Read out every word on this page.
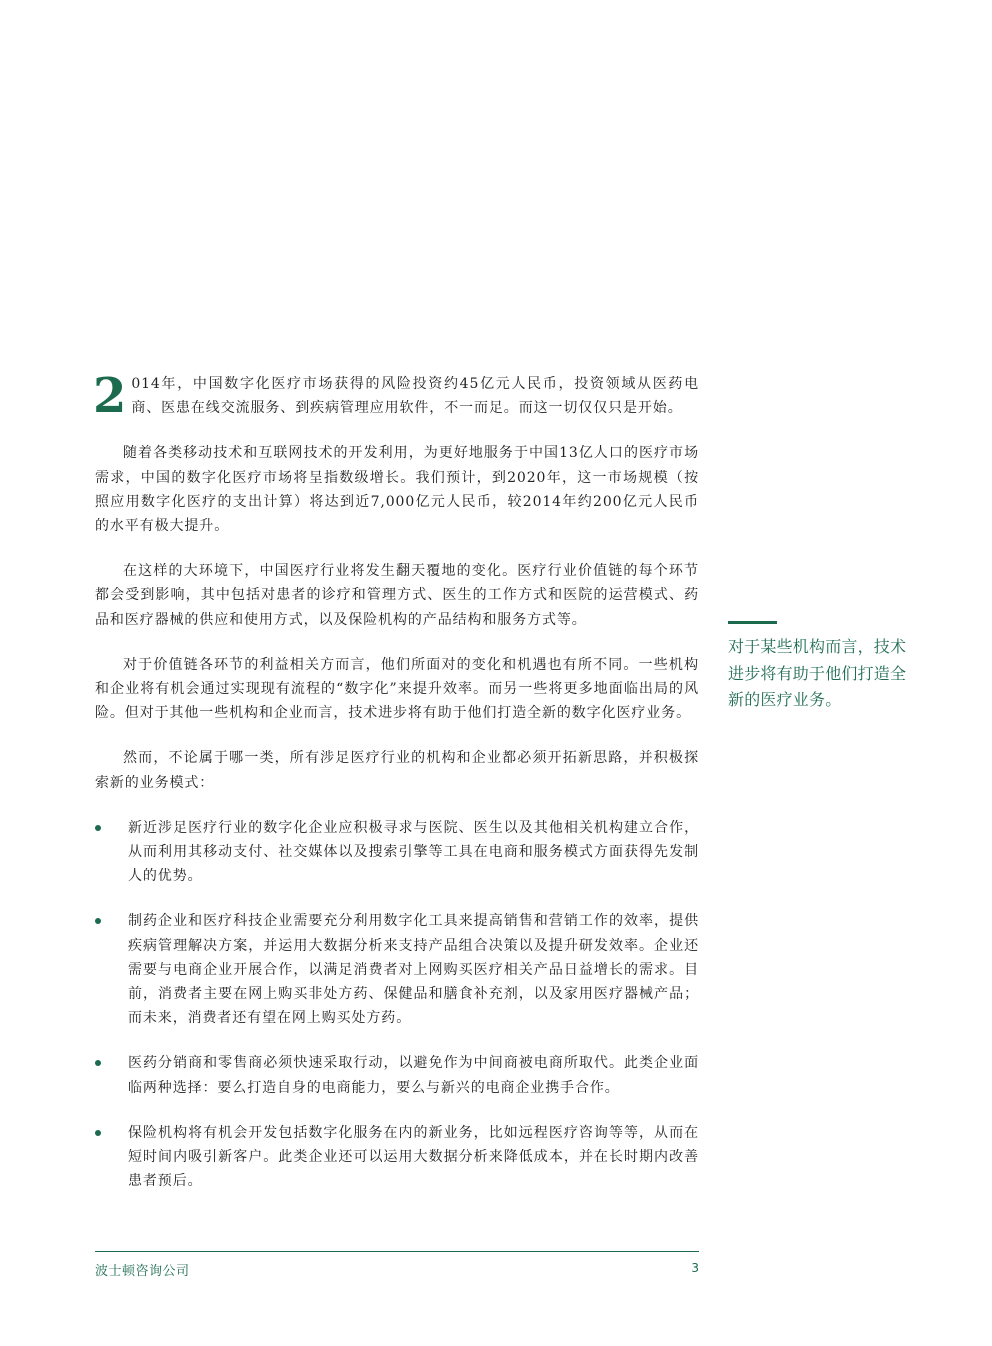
2 014年，中国数字化医疗市场获得的风险投资约45亿元人民币，投资领域从医药电商、医患在线交流服务、到疾病管理应用软件，不一而足。而这一切仅仅只是开始。

随着各类移动技术和互联网技术的开发利用，为更好地服务于中国13亿人口的医疗市场需求，中国的数字化医疗市场将呈指数级增长。我们预计，到2020年，这一市场规模（按照应用数字化医疗的支出计算）将达到近7,000亿元人民币，较2014年约200亿元人民币的水平有极大提升。

在这样的大环境下，中国医疗行业将发生翻天覆地的变化。医疗行业价值链的每个环节都会受到影响，其中包括对患者的诊疗和管理方式、医生的工作方式和医院的运营模式、药品和医疗器械的供应和使用方式，以及保险机构的产品结构和服务方式等。

对于价值链各环节的利益相关方而言，他们所面对的变化和机遇也有所不同。一些机构和企业将有机会通过实现现有流程的“数字化”来提升效率。而另一些将更多地面临出局的风险。但对于其他一些机构和企业而言，技术进步将有助于他们打造全新的数字化医疗业务。

然而，不论属于哪一类，所有涉足医疗行业的机构和企业都必须开拓新思路，并积极探索新的业务模式：

新近涉足医疗行业的数字化企业应积极寻求与医院、医生以及其他相关机构建立合作，从而利用其移动支付、社交媒体以及搜索引擎等工具在电商和服务模式方面获得先发制人的优势。
制药企业和医疗科技企业需要充分利用数字化工具来提高销售和营销工作的效率，提供疾病管理解决方案，并运用大数据分析来支持产品组合决策以及提升研发效率。企业还需要与电商企业开展合作，以满足消费者对上网购买医疗相关产品日益增长的需求。目前，消费者主要在网上购买非处方药、保健品和膳食补充剂，以及家用医疗器械产品；而未来，消费者还有望在网上购买处方药。
医药分销商和零售商必须快速采取行动，以避免作为中间商被电商所取代。此类企业面临两种选择：要么打造自身的电商能力，要么与新兴的电商企业携手合作。
保险机构将有机会开发包括数字化服务在内的新业务，比如远程医疗咨询等等，从而在短时间内吸引新客户。此类企业还可以运用大数据分析来降低成本，并在长时期内改善患者预后。
对于某些机构而言，技术进步将有助于他们打造全新的医疗业务。
波士顿咨询公司	3
